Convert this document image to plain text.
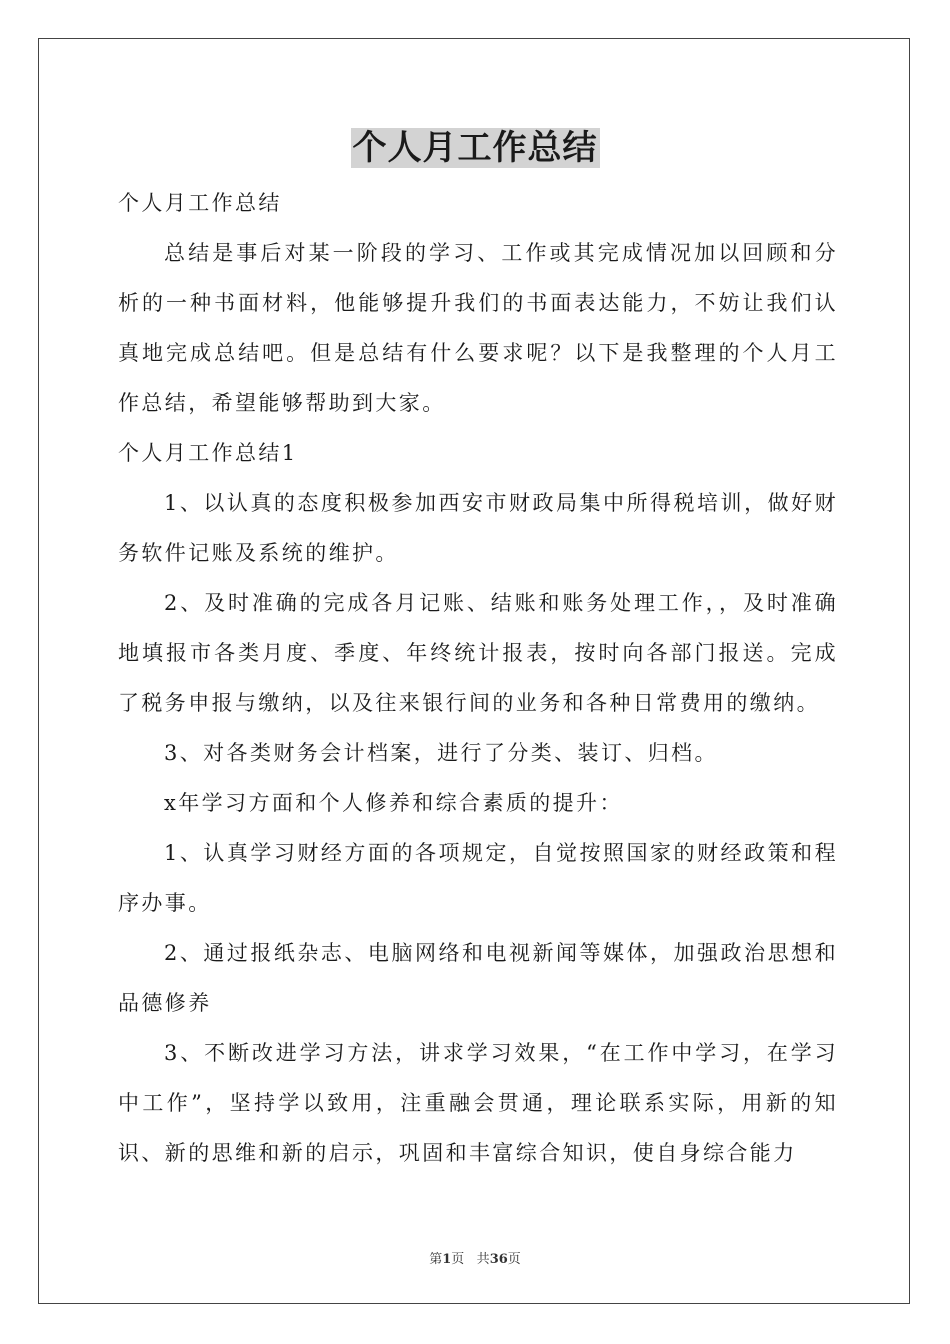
个人月工作总结

个人月工作总结

总结是事后对某一阶段的学习、工作或其完成情况加以回顾和分析的一种书面材料，他能够提升我们的书面表达能力，不妨让我们认真地完成总结吧。但是总结有什么要求呢？以下是我整理的个人月工作总结，希望能够帮助到大家。

个人月工作总结1

1、以认真的态度积极参加西安市财政局集中所得税培训，做好财务软件记账及系统的维护。

2、及时准确的完成各月记账、结账和账务处理工作，，及时准确地填报市各类月度、季度、年终统计报表，按时向各部门报送。完成了税务申报与缴纳，以及往来银行间的业务和各种日常费用的缴纳。

3、对各类财务会计档案，进行了分类、装订、归档。

x年学习方面和个人修养和综合素质的提升：

1、认真学习财经方面的各项规定，自觉按照国家的财经政策和程序办事。

2、通过报纸杂志、电脑网络和电视新闻等媒体，加强政治思想和品德修养

3、不断改进学习方法，讲求学习效果，“在工作中学习，在学习中工作”，坚持学以致用，注重融会贯通，理论联系实际，用新的知识、新的思维和新的启示，巩固和丰富综合知识，使自身综合能力

第1页 共36页
